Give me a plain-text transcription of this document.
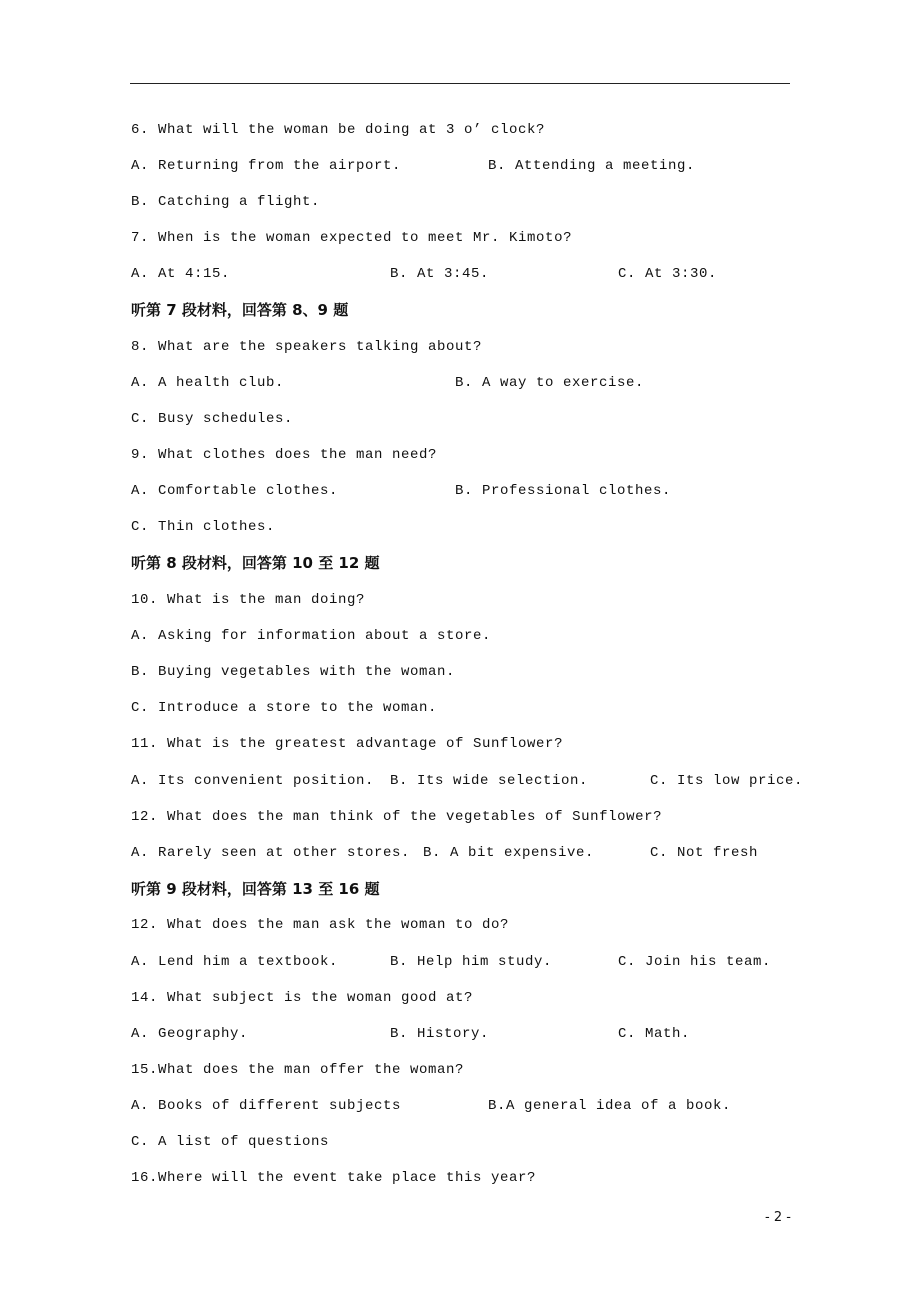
6. What will the woman be doing at 3 o’ clock?
A. Returning from the airport.	B. Attending a meeting.
B. Catching a flight.
7. When is the woman expected to meet Mr. Kimoto?
A. At 4:15.	B. At 3:45.	C. At 3:30.
听第 7 段材料，回答第 8、9 题
8. What are the speakers talking about?
A. A health club.	B. A way to exercise.
C. Busy schedules.
9. What clothes does the man need?
A. Comfortable clothes.	B. Professional clothes.
C. Thin clothes.
听第 8 段材料，回答第 10 至 12 题
10. What is the man doing?
A. Asking for information about a store.
B. Buying vegetables with the woman.
C. Introduce a store to the woman.
11. What is the greatest advantage of Sunflower?
A. Its convenient position. B. Its wide selection.	C. Its low price.
12. What does the man think of the vegetables of Sunflower?
A. Rarely seen at other stores. B. A bit expensive.	C. Not fresh
听第 9 段材料，回答第 13 至 16 题
12. What does the man ask the woman to do?
A. Lend him a textbook.	B. Help him study.	C. Join his team.
14. What subject is the woman good at?
A. Geography.	B. History.	C. Math.
15.What does the man offer the woman?
A. Books of different subjects	B.A general idea of a book.
C. A list of questions
16.Where will the event take place this year?
- 2 -
